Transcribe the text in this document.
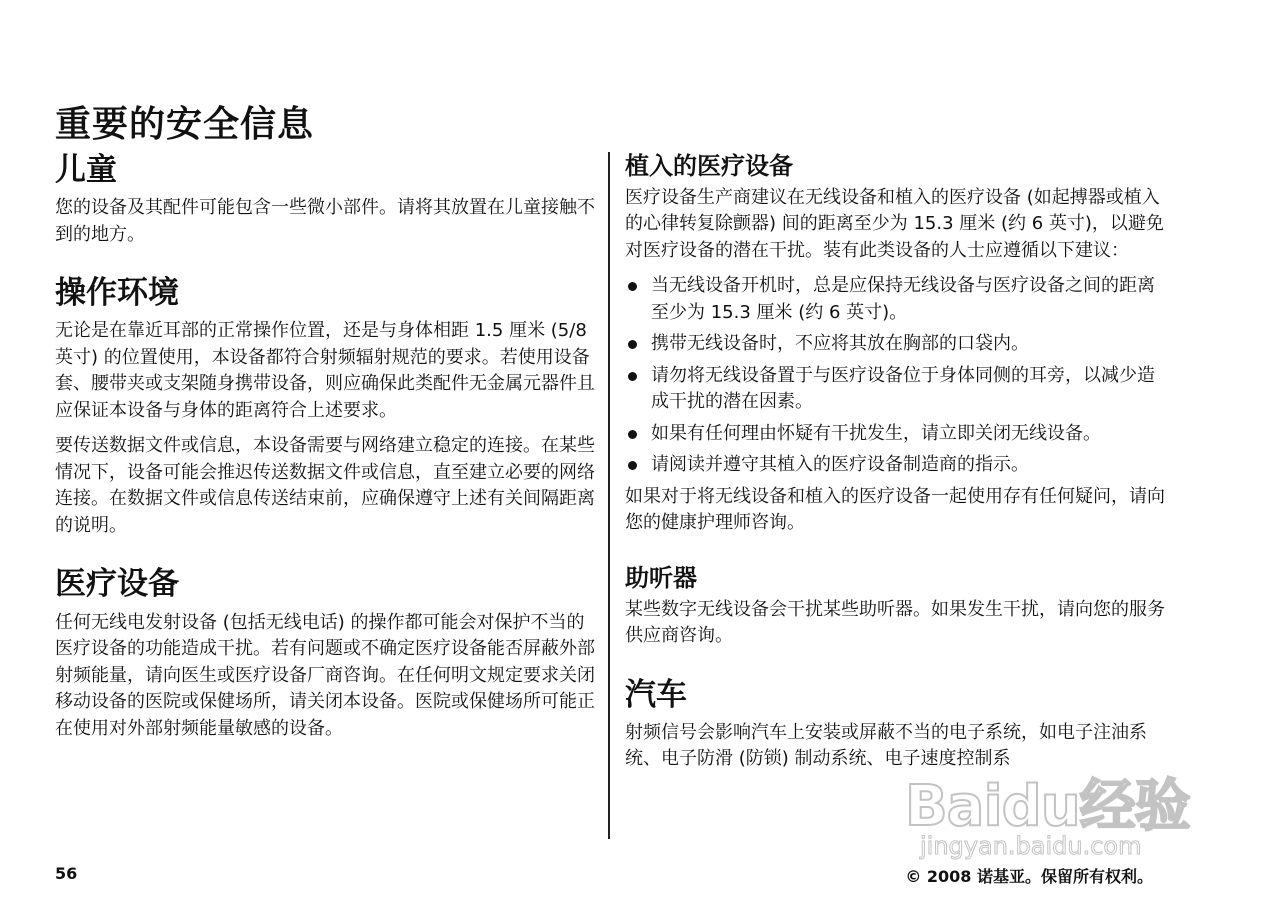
重要的安全信息
儿童

您的设备及其配件可能包含一些微小部件。请将其放置在儿童接触不到的地方。

操作环境

无论是在靠近耳部的正常操作位置，还是与身体相距 1.5 厘米 (5/8 英寸) 的位置使用，本设备都符合射频辐射规范的要求。若使用设备套、腰带夹或支架随身携带设备，则应确保此类配件无金属元器件且应保证本设备与身体的距离符合上述要求。

要传送数据文件或信息，本设备需要与网络建立稳定的连接。在某些情况下，设备可能会推迟传送数据文件或信息，直至建立必要的网络连接。在数据文件或信息传送结束前，应确保遵守上述有关间隔距离的说明。

医疗设备

任何无线电发射设备 (包括无线电话) 的操作都可能会对保护不当的医疗设备的功能造成干扰。若有问题或不确定医疗设备能否屏蔽外部射频能量，请向医生或医疗设备厂商咨询。在任何明文规定要求关闭移动设备的医院或保健场所，请关闭本设备。医院或保健场所可能正在使用对外部射频能量敏感的设备。

植入的医疗设备

医疗设备生产商建议在无线设备和植入的医疗设备 (如起搏器或植入的心律转复除颤器) 间的距离至少为 15.3 厘米 (约 6 英寸)，以避免对医疗设备的潜在干扰。装有此类设备的人士应遵循以下建议：

当无线设备开机时，总是应保持无线设备与医疗设备之间的距离至少为 15.3 厘米 (约 6 英寸)。
携带无线设备时，不应将其放在胸部的口袋内。
请勿将无线设备置于与医疗设备位于身体同侧的耳旁，以减少造成干扰的潜在因素。
如果有任何理由怀疑有干扰发生，请立即关闭无线设备。
请阅读并遵守其植入的医疗设备制造商的指示。

如果对于将无线设备和植入的医疗设备一起使用存有任何疑问，请向您的健康护理师咨询。

助听器

某些数字无线设备会干扰某些助听器。如果发生干扰，请向您的服务供应商咨询。

汽车

射频信号会影响汽车上安装或屏蔽不当的电子系统，如电子注油系统、电子防滑 (防锁) 制动系统、电子速度控制系

56	© 2008 诺基亚。保留所有权利。
Baidu经验
jingyan.baidu.com
